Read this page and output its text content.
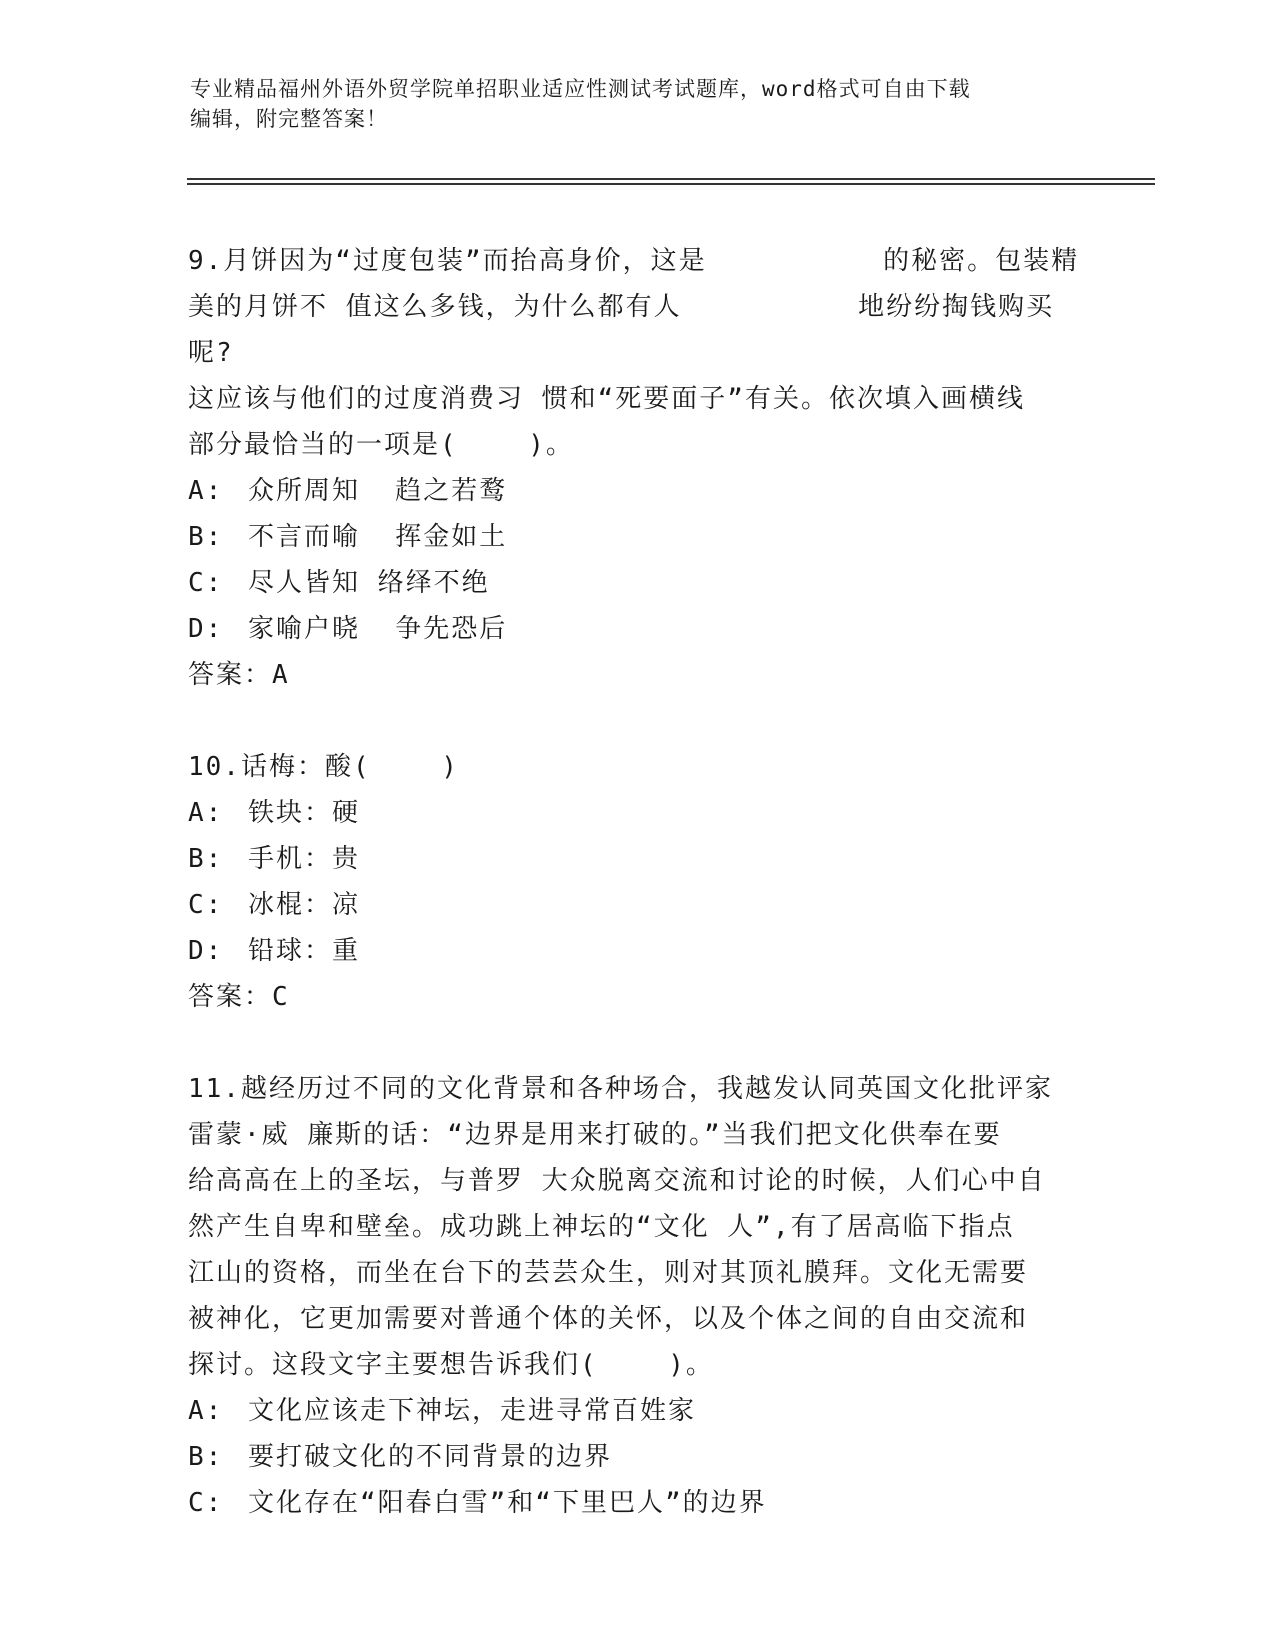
专业精品福州外语外贸学院单招职业适应性测试考试题库，word格式可自由下载
编辑，附完整答案！
9.月饼因为“过度包装”而抬高身价，这是          的秘密。包装精
美的月饼不 值这么多钱，为什么都有人          地纷纷掏钱购买呢?
这应该与他们的过度消费习 惯和“死要面子”有关。依次填入画横线
部分最恰当的一项是(    )。
A: 众所周知  趋之若鹜
B: 不言而喻  挥金如土
C: 尽人皆知 络绎不绝
D: 家喻户晓  争先恐后
答案：A
10.话梅：酸(    )
A: 铁块：硬
B: 手机：贵
C: 冰棍：凉
D: 铅球：重
答案：C
11.越经历过不同的文化背景和各种场合，我越发认同英国文化批评家
雷蒙·威 廉斯的话：“边界是用来打破的。”当我们把文化供奉在要
给高高在上的圣坛，与普罗 大众脱离交流和讨论的时候，人们心中自
然产生自卑和壁垒。成功跳上神坛的“文化 人”,有了居高临下指点
江山的资格，而坐在台下的芸芸众生，则对其顶礼膜拜。文化无需要
被神化，它更加需要对普通个体的关怀，以及个体之间的自由交流和
探讨。这段文字主要想告诉我们(    )。
A: 文化应该走下神坛，走进寻常百姓家
B: 要打破文化的不同背景的边界
C: 文化存在“阳春白雪”和“下里巴人”的边界
